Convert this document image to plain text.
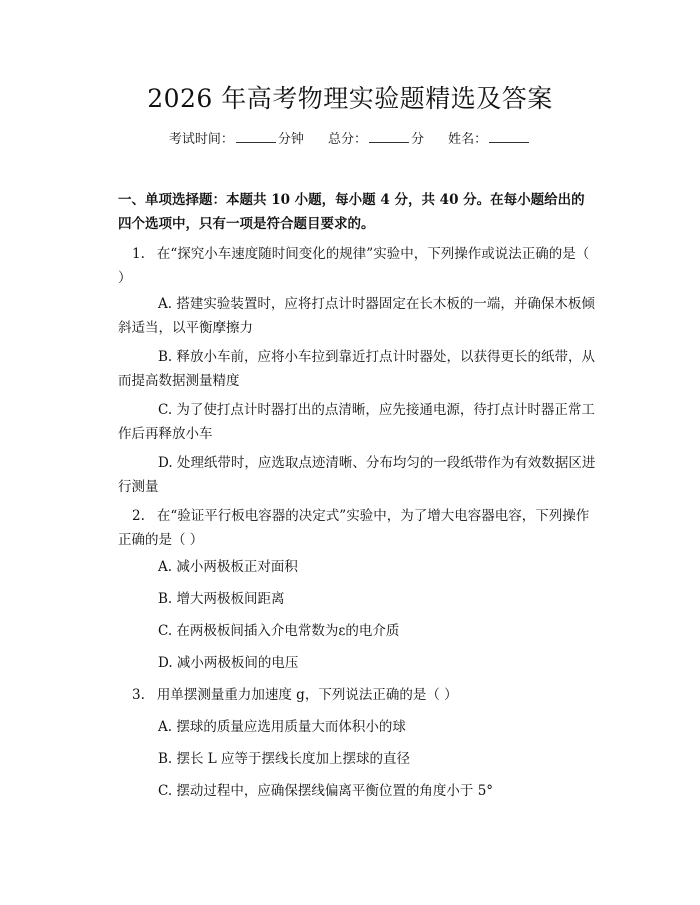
2026 年高考物理实验题精选及答案
考试时间：	分钟 总分：	分 姓名：

一、单项选择题：本题共 10 小题，每小题 4 分，共 40 分。在每小题给出的四个选项中，只有一项是符合题目要求的。

1. 在“探究小车速度随时间变化的规律”实验中，下列操作或说法正确的是（ ）

A. 搭建实验装置时，应将打点计时器固定在长木板的一端，并确保木板倾斜适当，以平衡摩擦力

B. 释放小车前，应将小车拉到靠近打点计时器处，以获得更长的纸带，从而提高数据测量精度

C. 为了使打点计时器打出的点清晰，应先接通电源，待打点计时器正常工作后再释放小车

D. 处理纸带时，应选取点迹清晰、分布均匀的一段纸带作为有效数据区进行测量

2. 在“验证平行板电容器的决定式”实验中，为了增大电容器电容，下列操作正确的是（ ）

A. 减小两极板正对面积

B. 增大两极板间距离

C. 在两极板间插入介电常数为ε的电介质

D. 减小两极板间的电压

3. 用单摆测量重力加速度 g，下列说法正确的是（ ）

A. 摆球的质量应选用质量大而体积小的球

B. 摆长 L 应等于摆线长度加上摆球的直径

C. 摆动过程中，应确保摆线偏离平衡位置的角度小于 5°
